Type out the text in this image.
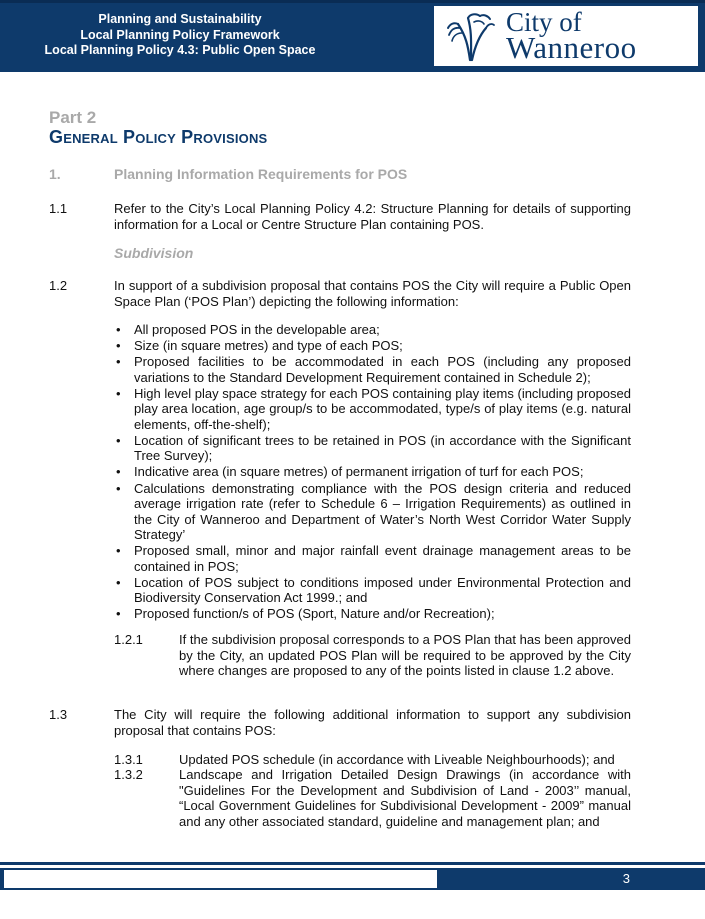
Planning and Sustainability
Local Planning Policy Framework
Local Planning Policy 4.3: Public Open Space
City of
Wanneroo
Part 2
General Policy Provisions
1.	Planning Information Requirements for POS
1.1	Refer to the City’s Local Planning Policy 4.2: Structure Planning for details of supporting information for a Local or Centre Structure Plan containing POS.
Subdivision
1.2	In support of a subdivision proposal that contains POS the City will require a Public Open Space Plan (‘POS Plan’) depicting the following information:
• All proposed POS in the developable area;
• Size (in square metres) and type of each POS;
• Proposed facilities to be accommodated in each POS (including any proposed variations to the Standard Development Requirement contained in Schedule 2);
• High level play space strategy for each POS containing play items (including proposed play area location, age group/s to be accommodated, type/s of play items (e.g. natural elements, off-the-shelf);
• Location of significant trees to be retained in POS (in accordance with the Significant Tree Survey);
• Indicative area (in square metres) of permanent irrigation of turf for each POS;
• Calculations demonstrating compliance with the POS design criteria and reduced average irrigation rate (refer to Schedule 6 – Irrigation Requirements) as outlined in the City of Wanneroo and Department of Water’s North West Corridor Water Supply Strategy’
• Proposed small, minor and major rainfall event drainage management areas to be contained in POS;
• Location of POS subject to conditions imposed under Environmental Protection and Biodiversity Conservation Act 1999.; and
• Proposed function/s of POS (Sport, Nature and/or Recreation);
1.2.1	If the subdivision proposal corresponds to a POS Plan that has been approved by the City, an updated POS Plan will be required to be approved by the City where changes are proposed to any of the points listed in clause 1.2 above.
1.3	The City will require the following additional information to support any subdivision proposal that contains POS:
1.3.1	Updated POS schedule (in accordance with Liveable Neighbourhoods); and
1.3.2	Landscape and Irrigation Detailed Design Drawings (in accordance with "Guidelines For the Development and Subdivision of Land - 2003’’ manual, “Local Government Guidelines for Subdivisional Development - 2009” manual and any other associated standard, guideline and management plan; and
3
